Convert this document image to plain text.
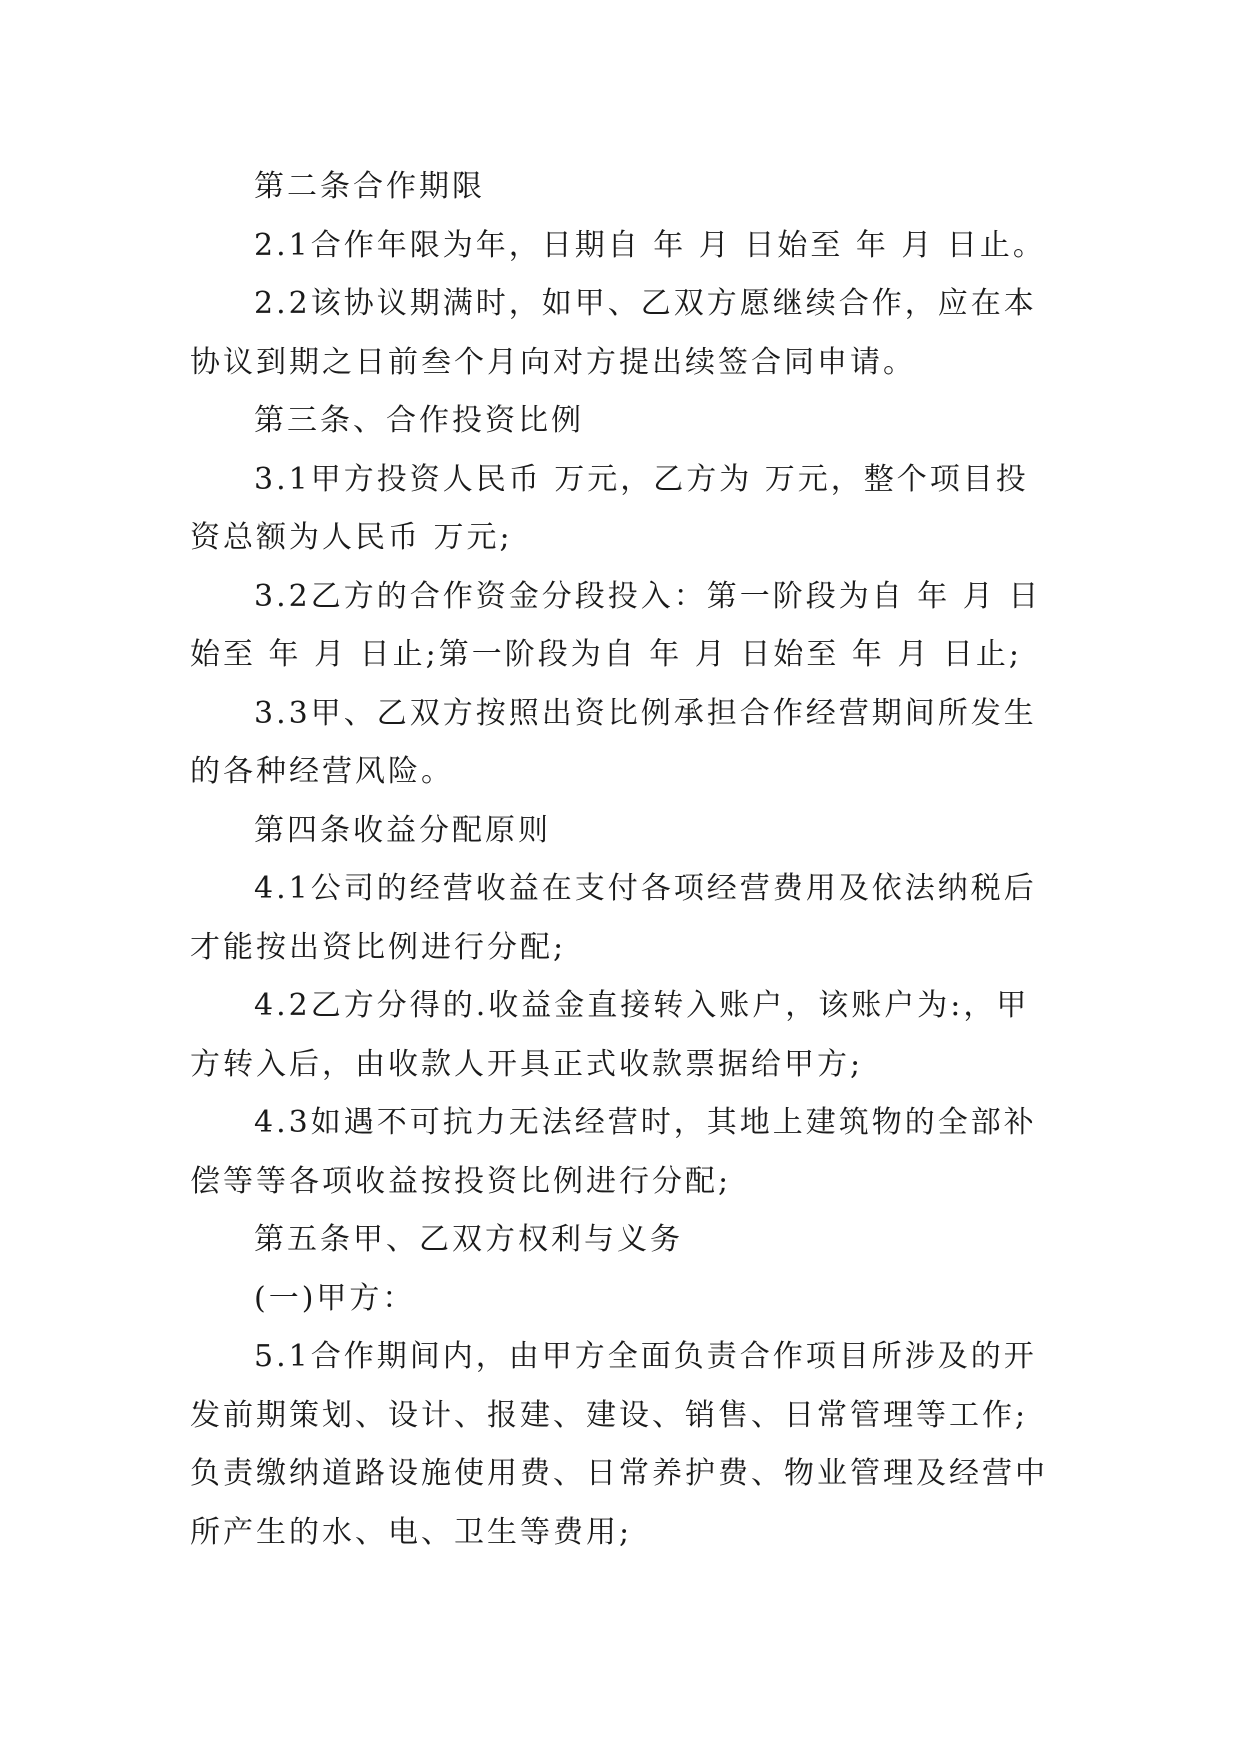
第二条合作期限
2.1合作年限为年，日期自 年 月 日始至 年 月 日止。
2.2该协议期满时，如甲、乙双方愿继续合作，应在本
协议到期之日前叁个月向对方提出续签合同申请。
第三条、合作投资比例
3.1甲方投资人民币 万元，乙方为 万元，整个项目投
资总额为人民币 万元;
3.2乙方的合作资金分段投入：第一阶段为自 年 月 日
始至 年 月 日止;第一阶段为自 年 月 日始至 年 月 日止;
3.3甲、乙双方按照出资比例承担合作经营期间所发生
的各种经营风险。
第四条收益分配原则
4.1公司的经营收益在支付各项经营费用及依法纳税后
才能按出资比例进行分配;
4.2乙方分得的.收益金直接转入账户，该账户为:，甲
方转入后，由收款人开具正式收款票据给甲方;
4.3如遇不可抗力无法经营时，其地上建筑物的全部补
偿等等各项收益按投资比例进行分配;
第五条甲、乙双方权利与义务
(一)甲方：
5.1合作期间内，由甲方全面负责合作项目所涉及的开
发前期策划、设计、报建、建设、销售、日常管理等工作;
负责缴纳道路设施使用费、日常养护费、物业管理及经营中
所产生的水、电、卫生等费用;
